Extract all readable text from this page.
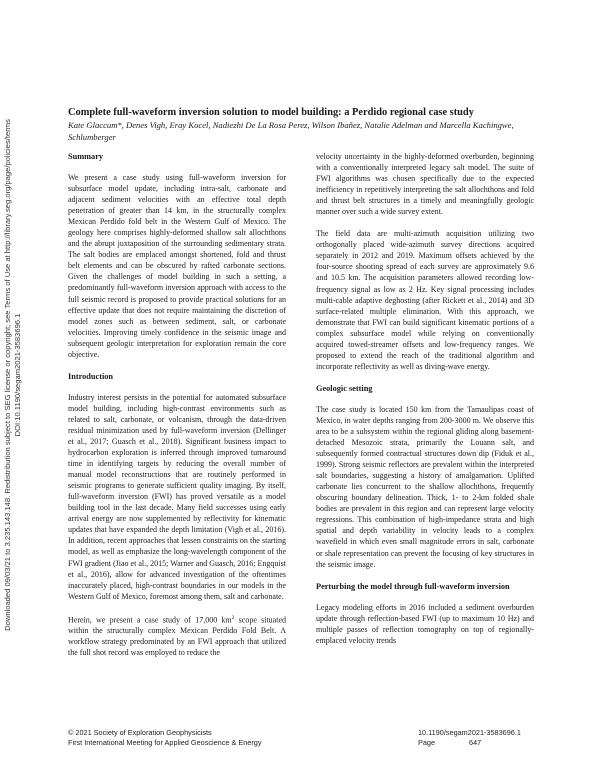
Downloaded 09/03/21 to 3.235.143.148. Redistribution subject to SEG license or copyright; see Terms of Use at http://library.seg.org/page/policies/terms DOI:10.1190/segam2021-3583696.1

Complete full-waveform inversion solution to model building: a Perdido regional case study

Kate Glaccum*, Denes Vigh, Eray Kocel, Nadiezhi De La Rosa Perez, Wilson Ibañez, Natalie Adelman and Marcella Kachingwe, Schlumberger

Summary

We present a case study using full-waveform inversion for subsurface model update, including intra-salt, carbonate and adjacent sediment velocities with an effective total depth penetration of greater than 14 km, in the structurally complex Mexican Perdido fold belt in the Western Gulf of Mexico. The geology here comprises highly-deformed shallow salt allochthons and the abrupt juxtaposition of the surrounding sedimentary strata. The salt bodies are emplaced amongst shortened, fold and thrust belt elements and can be obscured by rafted carbonate sections. Given the challenges of model building in such a setting, a predominantly full-waveform inversion approach with access to the full seismic record is proposed to provide practical solutions for an effective update that does not require maintaining the discretion of model zones such as between sediment, salt, or carbonate velocities. Improving timely confidence in the seismic image and subsequent geologic interpretation for exploration remain the core objective.

Introduction

Industry interest persists in the potential for automated subsurface model building, including high-contrast environments such as related to salt, carbonate, or volcanism, through the data-driven residual minimization used by full-waveform inversion (Dellinger et al., 2017; Guasch et al., 2018). Significant business impact to hydrocarbon exploration is inferred through improved turnaround time in identifying targets by reducing the overall number of manual model reconstructions that are routinely performed in seismic programs to generate sufficient quality imaging. By itself, full-waveform inversion (FWI) has proved versatile as a model building tool in the last decade. Many field successes using early arrival energy are now supplemented by reflectivity for kinematic updates that have expanded the depth limitation (Vigh et al., 2016). In addition, recent approaches that lessen constraints on the starting model, as well as emphasize the long-wavelength component of the FWI gradient (Jiao et al., 2015; Warner and Guasch, 2016; Engquist et al., 2016), allow for advanced investigation of the oftentimes inaccurately placed, high-contrast boundaries in our models in the Western Gulf of Mexico, foremost among them, salt and carbonate.

Herein, we present a case study of 17,000 $km^2$ scope situated within the structurally complex Mexican Perdido Fold Belt. A workflow strategy predominated by an FWI approach that utilized the full shot record was employed to reduce the

velocity uncertainty in the highly-deformed overburden, beginning with a conventionally interpreted legacy salt model. The suite of FWI algorithms was chosen specifically due to the expected inefficiency in repetitively interpreting the salt allochthons and fold and thrust belt structures in a timely and meaningfully geologic manner over such a wide survey extent.

The field data are multi-azimuth acquisition utilizing two orthogonally placed wide-azimuth survey directions acquired separately in 2012 and 2019. Maximum offsets achieved by the four-source shooting spread of each survey are approximately 9.6 and 10.5 km. The acquisition parameters allowed recording low-frequency signal as low as 2 Hz. Key signal processing includes multi-cable adaptive deghosting (after Rickett et al., 2014) and 3D surface-related multiple elimination. With this approach, we demonstrate that FWI can build significant kinematic portions of a complex subsurface model while relying on conventionally acquired towed-streamer offsets and low-frequency ranges. We proposed to extend the reach of the traditional algorithm and incorporate reflectivity as well as diving-wave energy.

Geologic setting

The case study is located 150 km from the Tamaulipas coast of Mexico, in water depths ranging from 200-3000 m. We observe this area to be a subsystem within the regional gliding along basement-detached Mesozoic strata, primarily the Louann salt, and subsequently formed contractual structures down dip (Fiduk et al., 1999). Strong seismic reflectors are prevalent within the interpreted salt boundaries, suggesting a history of amalgamation. Uplifted carbonate lies concurrent to the shallow allochthons, frequently obscuring boundary delineation. Thick, 1- to 2-km folded shale bodies are prevalent in this region and can represent large velocity regressions. This combination of high-impedance strata and high spatial and depth variability in velocity leads to a complex wavefield in which even small magnitude errors in salt, carbonate or shale representation can prevent the focusing of key structures in the seismic image.

Perturbing the model through full-waveform inversion

Legacy modeling efforts in 2016 included a sediment overburden update through reflection-based FWI (up to maximum 10 Hz) and multiple passes of reflection tomography on top of regionally-emplaced velocity trends

© 2021 Society of Exploration Geophysicists
First International Meeting for Applied Geoscience & Energy
10.1190/segam2021-3583696.1
Page	647
